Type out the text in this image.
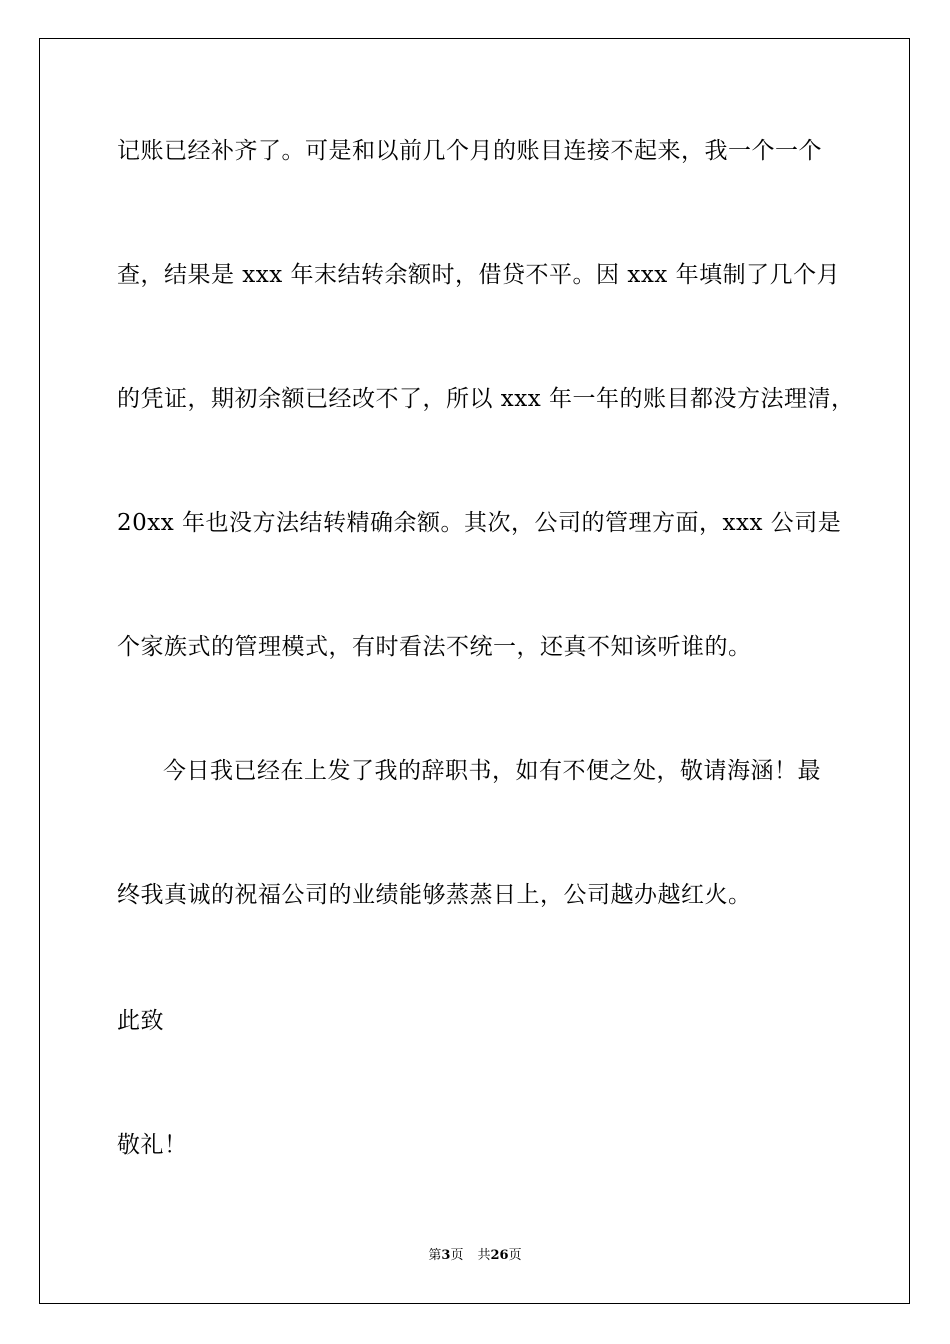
记账已经补齐了。可是和以前几个月的账目连接不起来，我一个一个
查，结果是 xxx 年末结转余额时，借贷不平。因 xxx 年填制了几个月
的凭证，期初余额已经改不了，所以 xxx 年一年的账目都没方法理清，
20xx 年也没方法结转精确余额。其次，公司的管理方面，xxx 公司是
个家族式的管理模式，有时看法不统一，还真不知该听谁的。
今日我已经在上发了我的辞职书，如有不便之处，敬请海涵！最
终我真诚的祝福公司的业绩能够蒸蒸日上，公司越办越红火。
此致
敬礼！
第3页 共26页
